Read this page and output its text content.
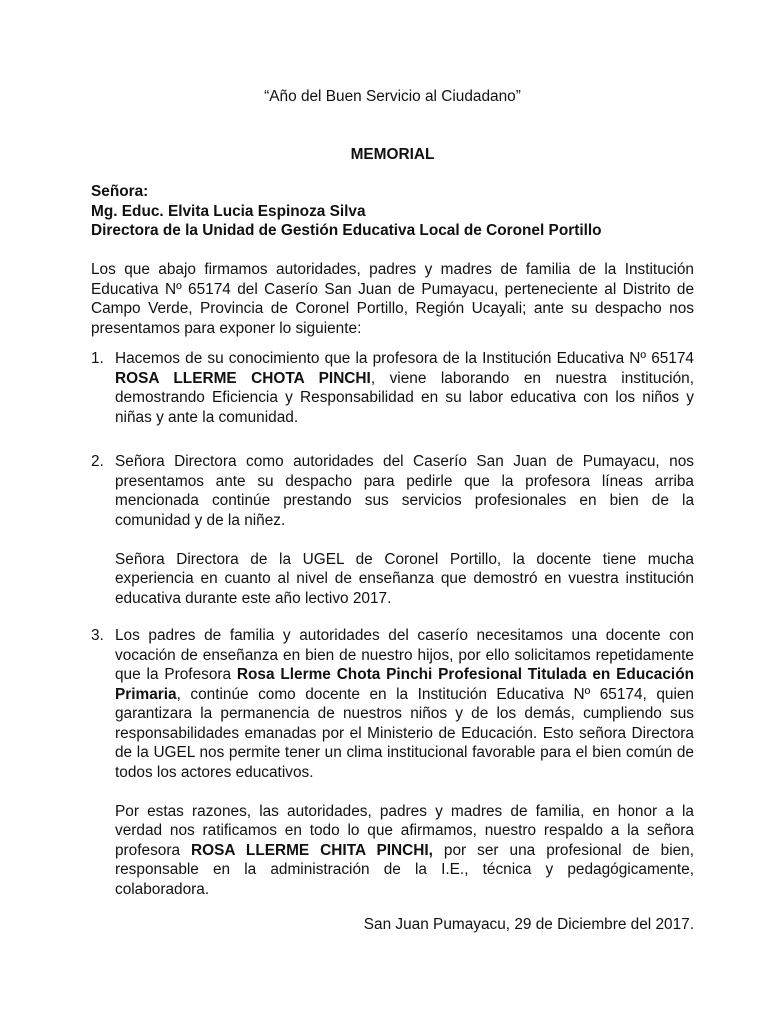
“Año del Buen Servicio al Ciudadano”
MEMORIAL
Señora:
Mg. Educ. Elvita Lucia Espinoza Silva
Directora de la Unidad de Gestión Educativa Local de Coronel Portillo
Los que abajo firmamos autoridades, padres y madres de familia de la Institución Educativa Nº 65174 del Caserío San Juan de Pumayacu, perteneciente al Distrito de Campo Verde, Provincia de Coronel Portillo, Región Ucayali; ante su despacho nos presentamos para exponer lo siguiente:
1. Hacemos de su conocimiento que la profesora de la Institución Educativa Nº 65174 ROSA LLERME CHOTA PINCHI, viene laborando en nuestra institución, demostrando Eficiencia y Responsabilidad en su labor educativa con los niños y niñas y ante la comunidad.

2. Señora Directora como autoridades del Caserío San Juan de Pumayacu, nos presentamos ante su despacho para pedirle que la profesora líneas arriba mencionada continúe prestando sus servicios profesionales en bien de la comunidad y de la niñez.

Señora Directora de la UGEL de Coronel Portillo, la docente tiene mucha experiencia en cuanto al nivel de enseñanza que demostró en vuestra institución educativa durante este año lectivo 2017.

3. Los padres de familia y autoridades del caserío necesitamos una docente con vocación de enseñanza en bien de nuestro hijos, por ello solicitamos repetidamente que la Profesora Rosa Llerme Chota Pinchi Profesional Titulada en Educación Primaria, continúe como docente en la Institución Educativa Nº 65174, quien garantizara la permanencia de nuestros niños y de los demás, cumpliendo sus responsabilidades emanadas por el Ministerio de Educación. Esto señora Directora de la UGEL nos permite tener un clima institucional favorable para el bien común de todos los actores educativos.

Por estas razones, las autoridades, padres y madres de familia, en honor a la verdad nos ratificamos en todo lo que afirmamos, nuestro respaldo a la señora profesora ROSA LLERME CHITA PINCHI, por ser una profesional de bien, responsable en la administración de la I.E., técnica y pedagógicamente, colaboradora.

San Juan Pumayacu, 29 de Diciembre del 2017.
